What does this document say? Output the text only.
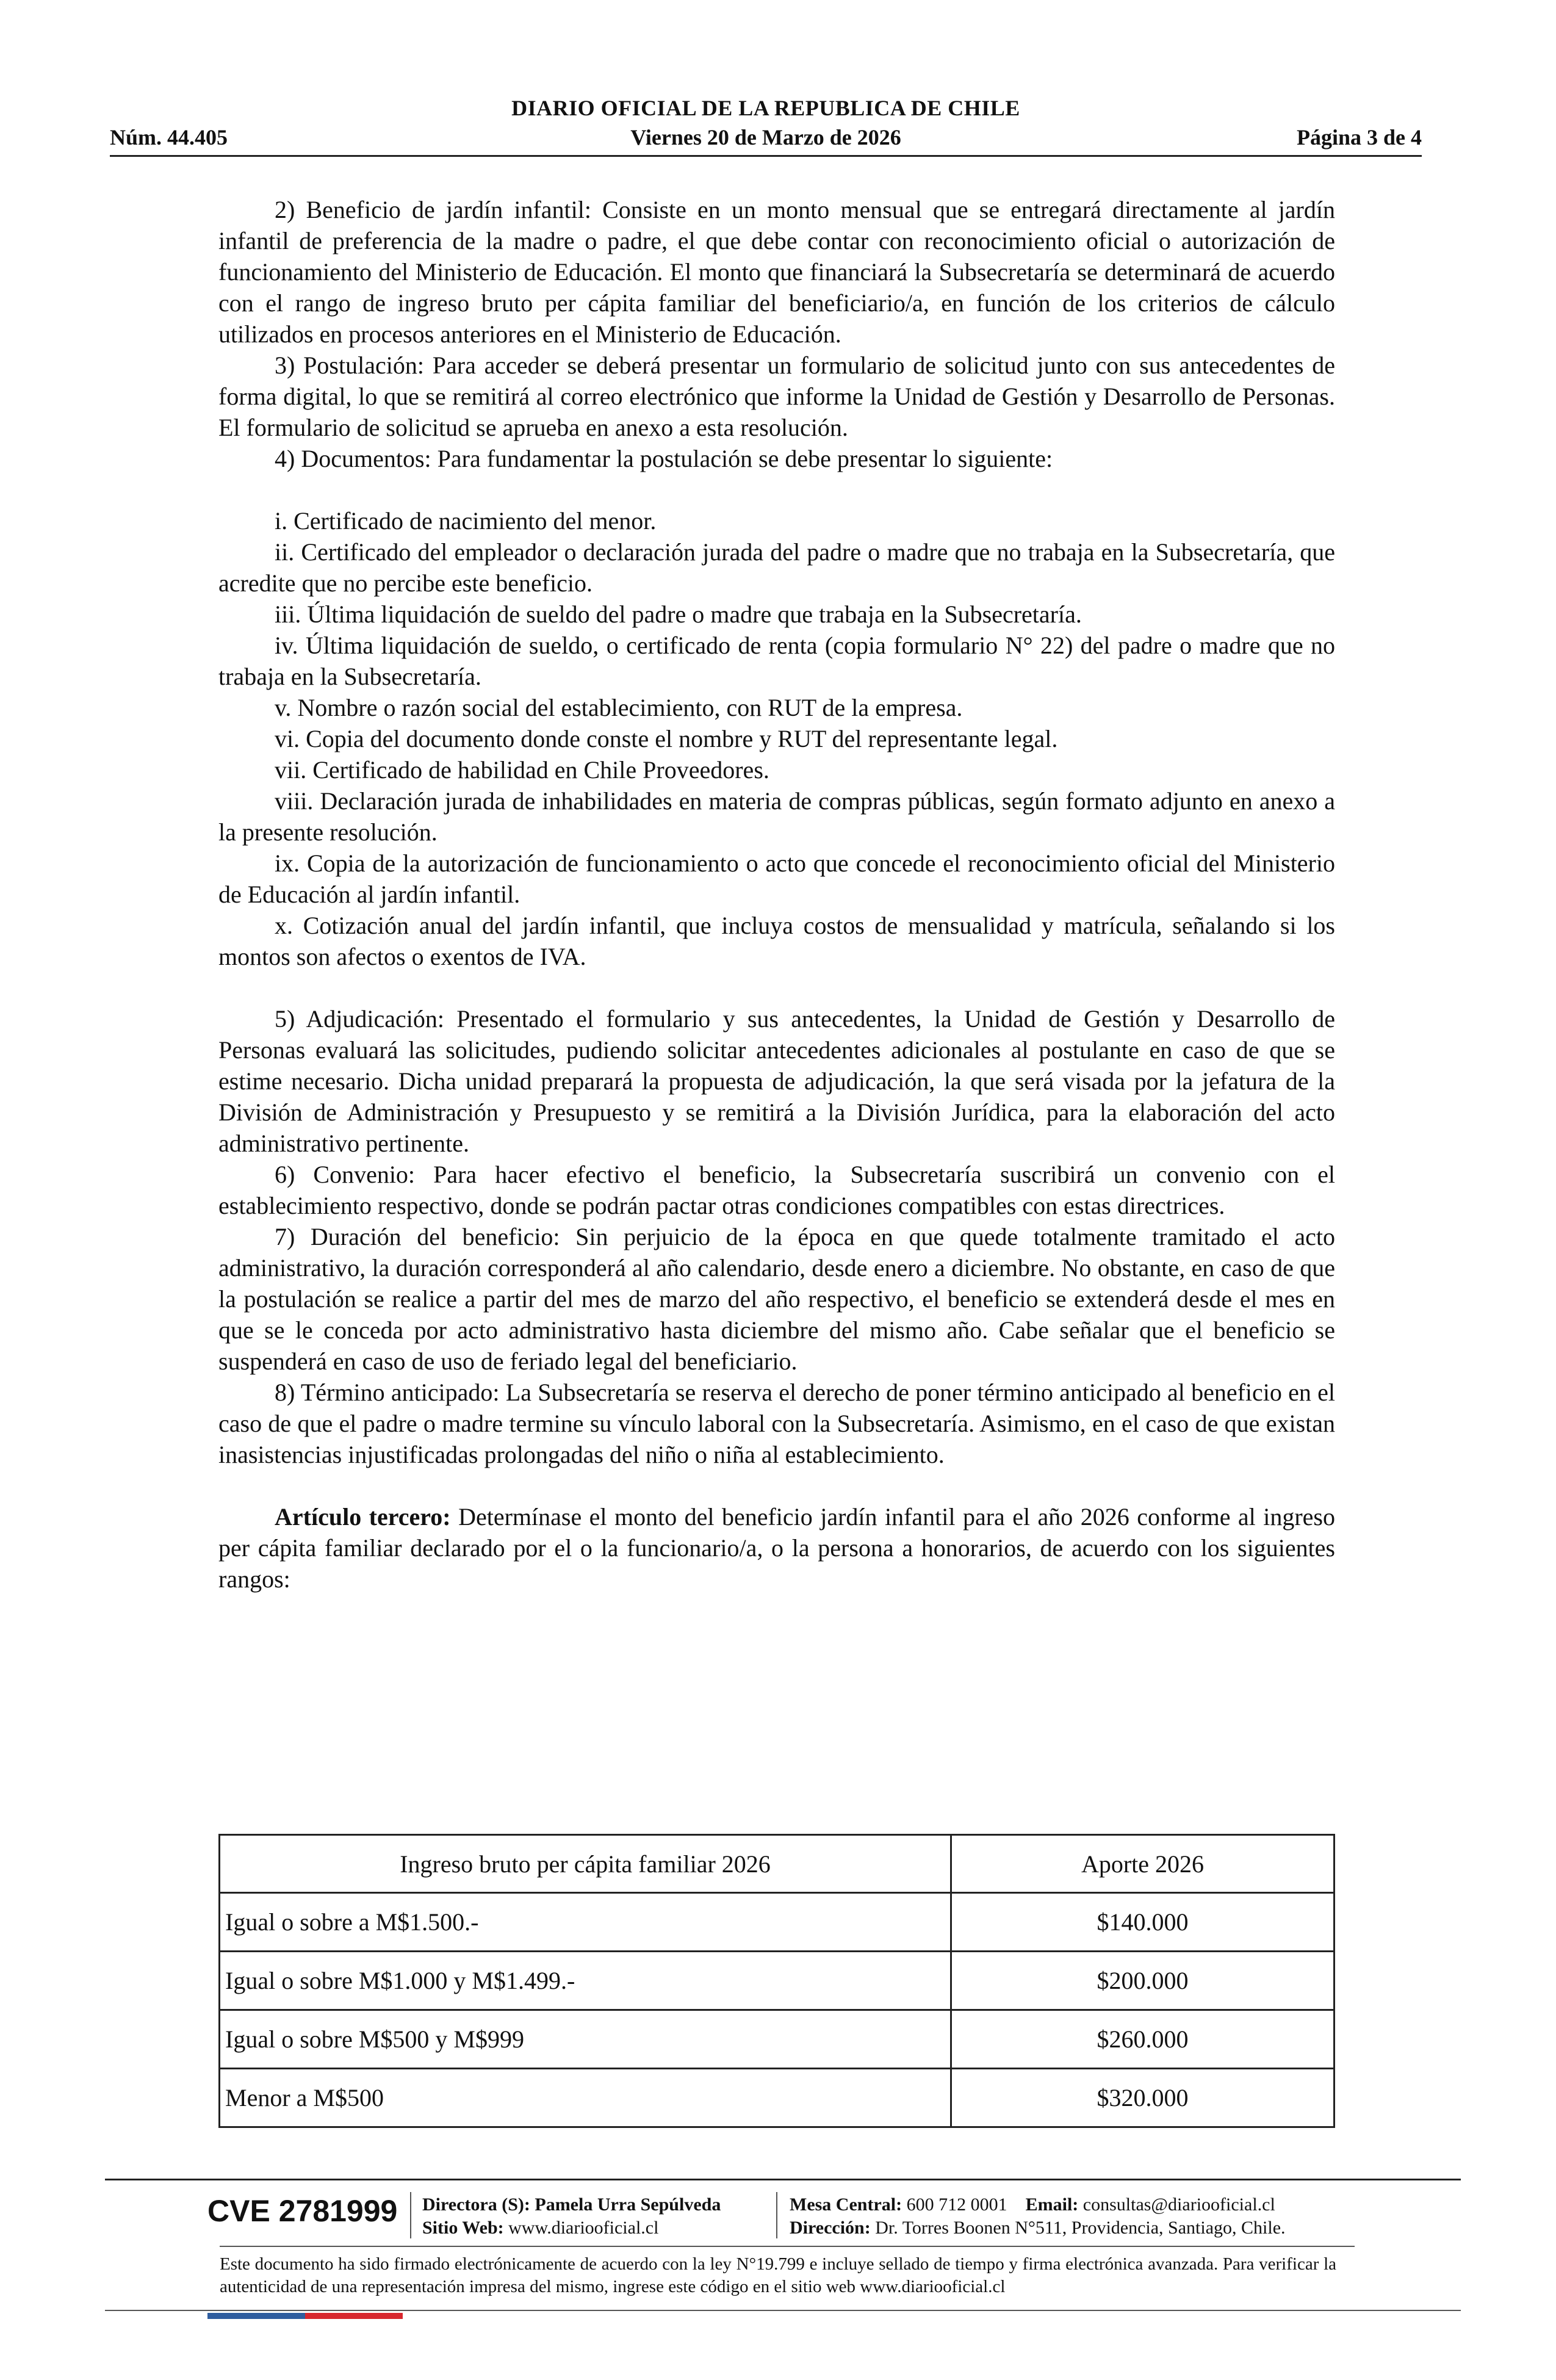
DIARIO OFICIAL DE LA REPUBLICA DE CHILE
Núm. 44.405	Viernes 20 de Marzo de 2026	Página 3 de 4

2) Beneficio de jardín infantil: Consiste en un monto mensual que se entregará directamente al jardín infantil de preferencia de la madre o padre, el que debe contar con reconocimiento oficial o autorización de funcionamiento del Ministerio de Educación. El monto que financiará la Subsecretaría se determinará de acuerdo con el rango de ingreso bruto per cápita familiar del beneficiario/a, en función de los criterios de cálculo utilizados en procesos anteriores en el Ministerio de Educación.

3) Postulación: Para acceder se deberá presentar un formulario de solicitud junto con sus antecedentes de forma digital, lo que se remitirá al correo electrónico que informe la Unidad de Gestión y Desarrollo de Personas. El formulario de solicitud se aprueba en anexo a esta resolución.

4) Documentos: Para fundamentar la postulación se debe presentar lo siguiente:

i. Certificado de nacimiento del menor.

ii. Certificado del empleador o declaración jurada del padre o madre que no trabaja en la Subsecretaría, que acredite que no percibe este beneficio.

iii. Última liquidación de sueldo del padre o madre que trabaja en la Subsecretaría.

iv. Última liquidación de sueldo, o certificado de renta (copia formulario N° 22) del padre o madre que no trabaja en la Subsecretaría.

v. Nombre o razón social del establecimiento, con RUT de la empresa.

vi. Copia del documento donde conste el nombre y RUT del representante legal.

vii. Certificado de habilidad en Chile Proveedores.

viii. Declaración jurada de inhabilidades en materia de compras públicas, según formato adjunto en anexo a la presente resolución.

ix. Copia de la autorización de funcionamiento o acto que concede el reconocimiento oficial del Ministerio de Educación al jardín infantil.

x. Cotización anual del jardín infantil, que incluya costos de mensualidad y matrícula, señalando si los montos son afectos o exentos de IVA.

5) Adjudicación: Presentado el formulario y sus antecedentes, la Unidad de Gestión y Desarrollo de Personas evaluará las solicitudes, pudiendo solicitar antecedentes adicionales al postulante en caso de que se estime necesario. Dicha unidad preparará la propuesta de adjudicación, la que será visada por la jefatura de la División de Administración y Presupuesto y se remitirá a la División Jurídica, para la elaboración del acto administrativo pertinente.

6) Convenio: Para hacer efectivo el beneficio, la Subsecretaría suscribirá un convenio con el establecimiento respectivo, donde se podrán pactar otras condiciones compatibles con estas directrices.

7) Duración del beneficio: Sin perjuicio de la época en que quede totalmente tramitado el acto administrativo, la duración corresponderá al año calendario, desde enero a diciembre. No obstante, en caso de que la postulación se realice a partir del mes de marzo del año respectivo, el beneficio se extenderá desde el mes en que se le conceda por acto administrativo hasta diciembre del mismo año. Cabe señalar que el beneficio se suspenderá en caso de uso de feriado legal del beneficiario.

8) Término anticipado: La Subsecretaría se reserva el derecho de poner término anticipado al beneficio en el caso de que el padre o madre termine su vínculo laboral con la Subsecretaría. Asimismo, en el caso de que existan inasistencias injustificadas prolongadas del niño o niña al establecimiento.

Artículo tercero: Determínase el monto del beneficio jardín infantil para el año 2026 conforme al ingreso per cápita familiar declarado por el o la funcionario/a, o la persona a honorarios, de acuerdo con los siguientes rangos:

Ingreso bruto per cápita familiar 2026	Aporte 2026
Igual o sobre a M$1.500.-	$140.000
Igual o sobre M$1.000 y M$1.499.-	$200.000
Igual o sobre M$500 y M$999	$260.000
Menor a M$500	$320.000
CVE 2781999 Directora (S): Pamela Urra Sepúlveda
Sitio Web: www.diariooficial.cl
Mesa Central: 600 712 0001 Email: consultas@diariooficial.cl
Dirección: Dr. Torres Boonen N°511, Providencia, Santiago, Chile.
Este documento ha sido firmado electrónicamente de acuerdo con la ley N°19.799 e incluye sellado de tiempo y firma electrónica avanzada. Para verificar la autenticidad de una representación impresa del mismo, ingrese este código en el sitio web www.diariooficial.cl
